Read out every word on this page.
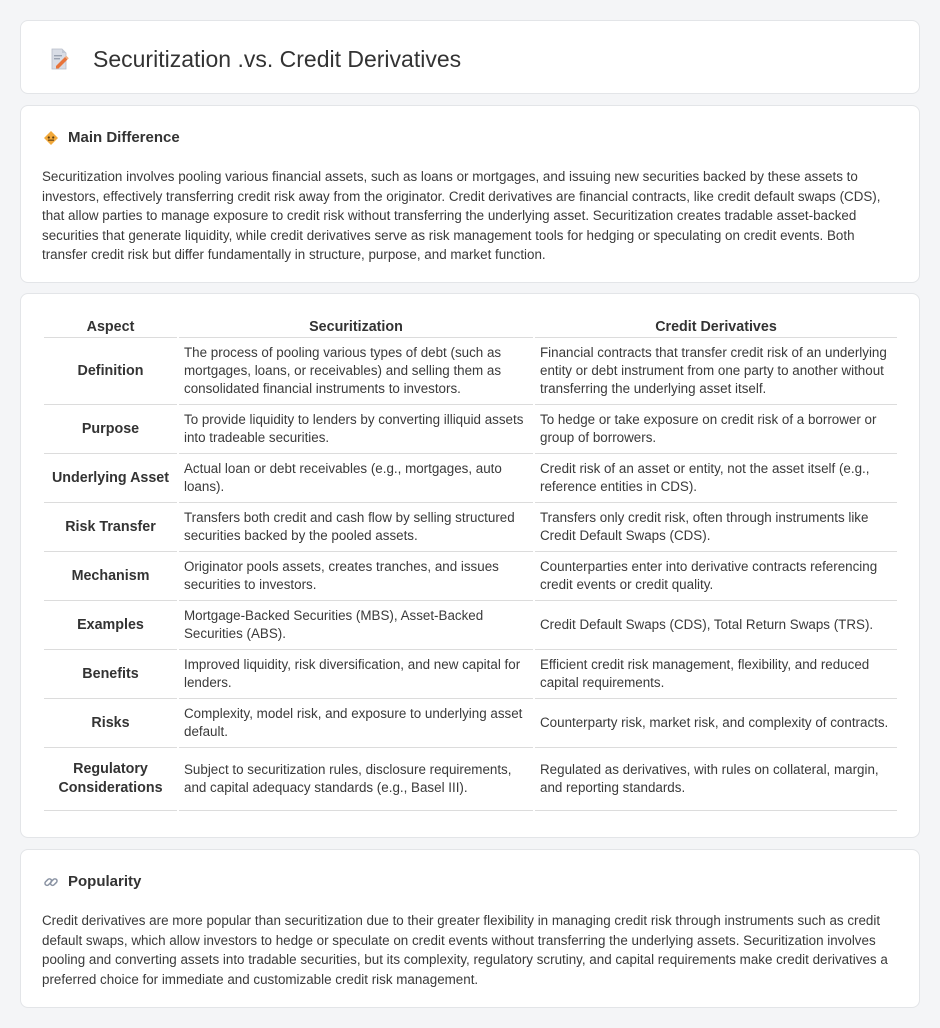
Securitization .vs. Credit Derivatives
Main Difference

Securitization involves pooling various financial assets, such as loans or mortgages, and issuing new securities backed by these assets to investors, effectively transferring credit risk away from the originator. Credit derivatives are financial contracts, like credit default swaps (CDS), that allow parties to manage exposure to credit risk without transferring the underlying asset. Securitization creates tradable asset-backed securities that generate liquidity, while credit derivatives serve as risk management tools for hedging or speculating on credit events. Both transfer credit risk but differ fundamentally in structure, purpose, and market function.

Aspect	Securitization	Credit Derivatives
Definition	The process of pooling various types of debt (such as mortgages, loans, or receivables) and selling them as consolidated financial instruments to investors.	Financial contracts that transfer credit risk of an underlying entity or debt instrument from one party to another without transferring the underlying asset itself.
Purpose	To provide liquidity to lenders by converting illiquid assets into tradeable securities.	To hedge or take exposure on credit risk of a borrower or group of borrowers.
Underlying Asset	Actual loan or debt receivables (e.g., mortgages, auto loans).	Credit risk of an asset or entity, not the asset itself (e.g., reference entities in CDS).
Risk Transfer	Transfers both credit and cash flow by selling structured securities backed by the pooled assets.	Transfers only credit risk, often through instruments like Credit Default Swaps (CDS).
Mechanism	Originator pools assets, creates tranches, and issues securities to investors.	Counterparties enter into derivative contracts referencing credit events or credit quality.
Examples	Mortgage-Backed Securities (MBS), Asset-Backed Securities (ABS).	Credit Default Swaps (CDS), Total Return Swaps (TRS).
Benefits	Improved liquidity, risk diversification, and new capital for lenders.	Efficient credit risk management, flexibility, and reduced capital requirements.
Risks	Complexity, model risk, and exposure to underlying asset default.	Counterparty risk, market risk, and complexity of contracts.
Regulatory Considerations	Subject to securitization rules, disclosure requirements, and capital adequacy standards (e.g., Basel III).	Regulated as derivatives, with rules on collateral, margin, and reporting standards.
Popularity

Credit derivatives are more popular than securitization due to their greater flexibility in managing credit risk through instruments such as credit default swaps, which allow investors to hedge or speculate on credit events without transferring the underlying assets. Securitization involves pooling and converting assets into tradable securities, but its complexity, regulatory scrutiny, and capital requirements make credit derivatives a preferred choice for immediate and customizable credit risk management.
